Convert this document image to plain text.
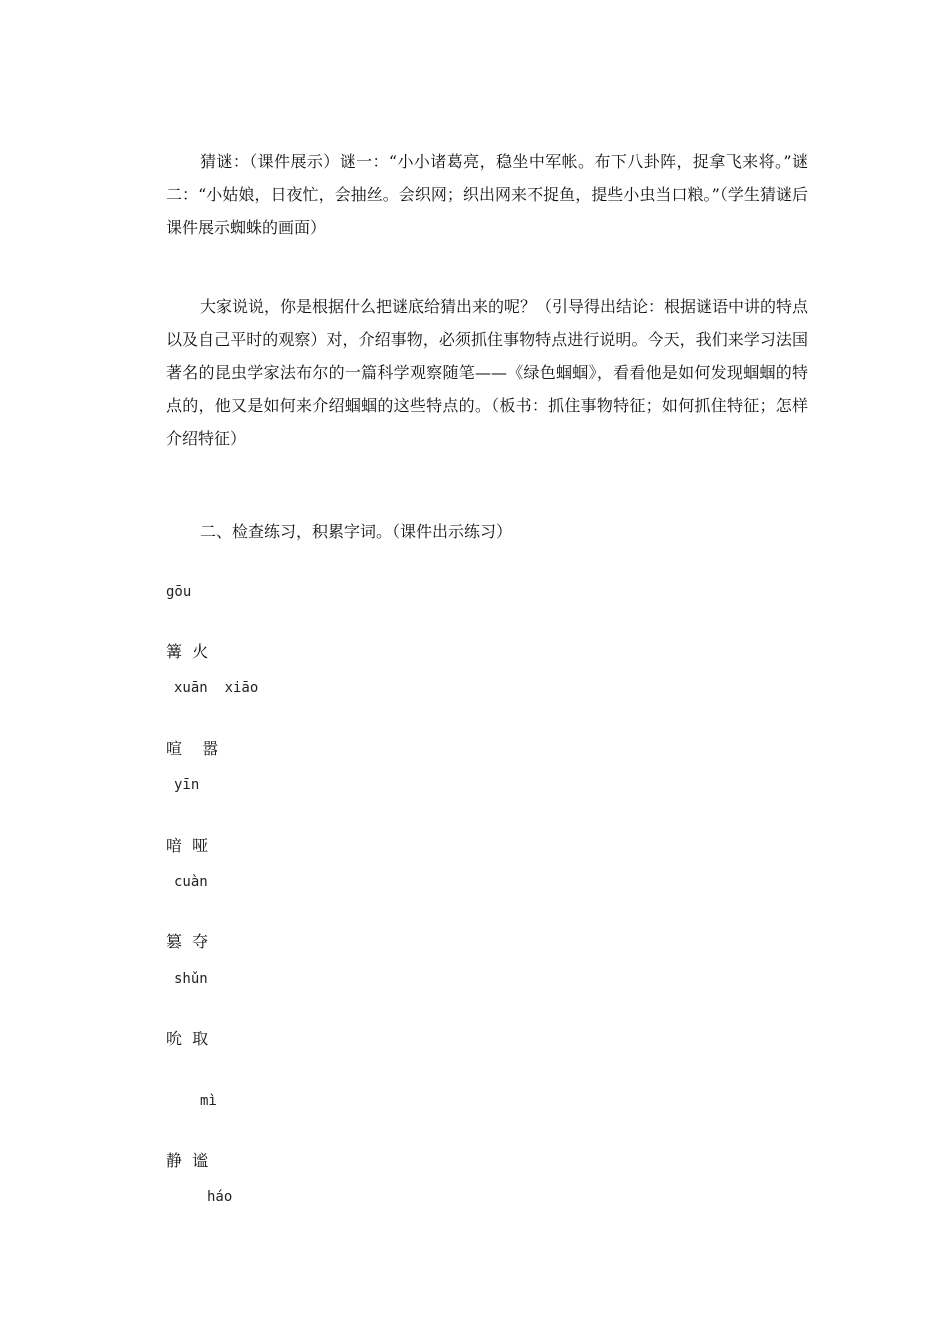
猜谜：（课件展示）谜一：“小小诸葛亮，稳坐中军帐。布下八卦阵，捉拿飞来将。”谜二：“小姑娘，日夜忙，会抽丝。会织网；织出网来不捉鱼，提些小虫当口粮。”（学生猜谜后课件展示蜘蛛的画面）

大家说说，你是根据什么把谜底给猜出来的呢？（引导得出结论：根据谜语中讲的特点以及自己平时的观察）对，介绍事物，必须抓住事物特点进行说明。今天，我们来学习法国著名的昆虫学家法布尔的一篇科学观察随笔——《绿色蝈蝈》，看看他是如何发现蝈蝈的特点的，他又是如何来介绍蝈蝈的这些特点的。（板书：抓住事物特征；如何抓住特征；怎样介绍特征）

二、检查练习，积累字词。（课件出示练习）

gōu
篝  火
xuān  xiāo
喧    嚣
yīn
喑  哑
cuàn
篡  夺
shǔn
吮  取
mì
静  谧
háo
